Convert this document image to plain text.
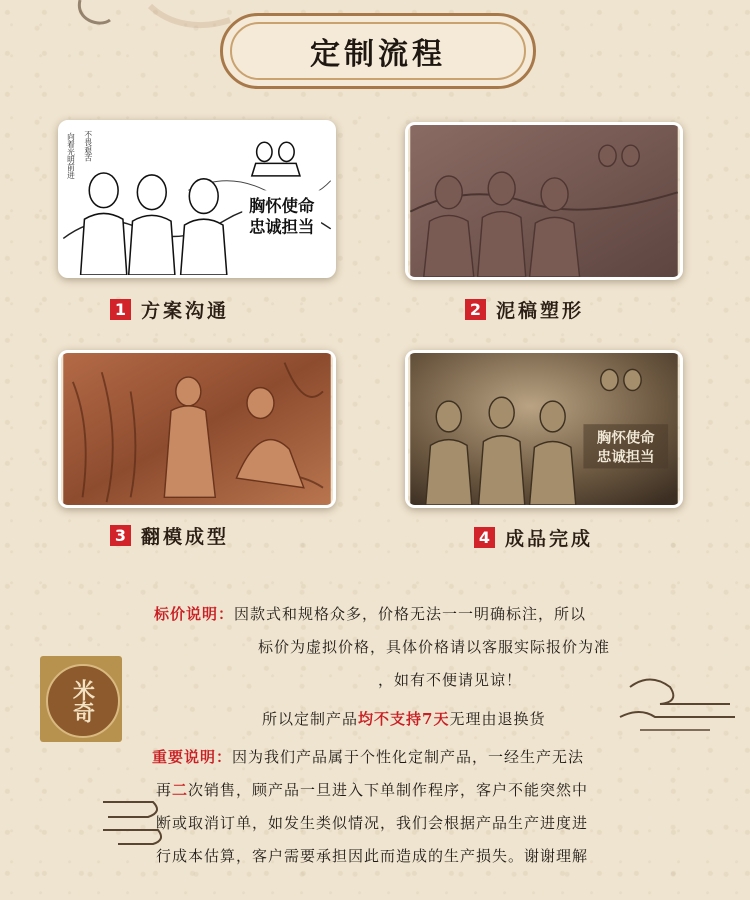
定制流程
胸怀使命
忠诚担当
向着光明前进 不畏艰苦
1 方案沟通	2 泥稿塑形
胸怀使命
忠诚担当
3 翻模成型	4 成品完成
米奇
标价说明：因款式和规格众多，价格无法一一明确标注，所以
标价为虚拟价格，具体价格请以客服实际报价为准
，如有不便请见谅！
所以定制产品均不支持7天无理由退换货
重要说明：因为我们产品属于个性化定制产品，一经生产无法
再二次销售，顾产品一旦进入下单制作程序，客户不能突然中
断或取消订单，如发生类似情况，我们会根据产品生产进度进
行成本估算，客户需要承担因此而造成的生产损失。谢谢理解
